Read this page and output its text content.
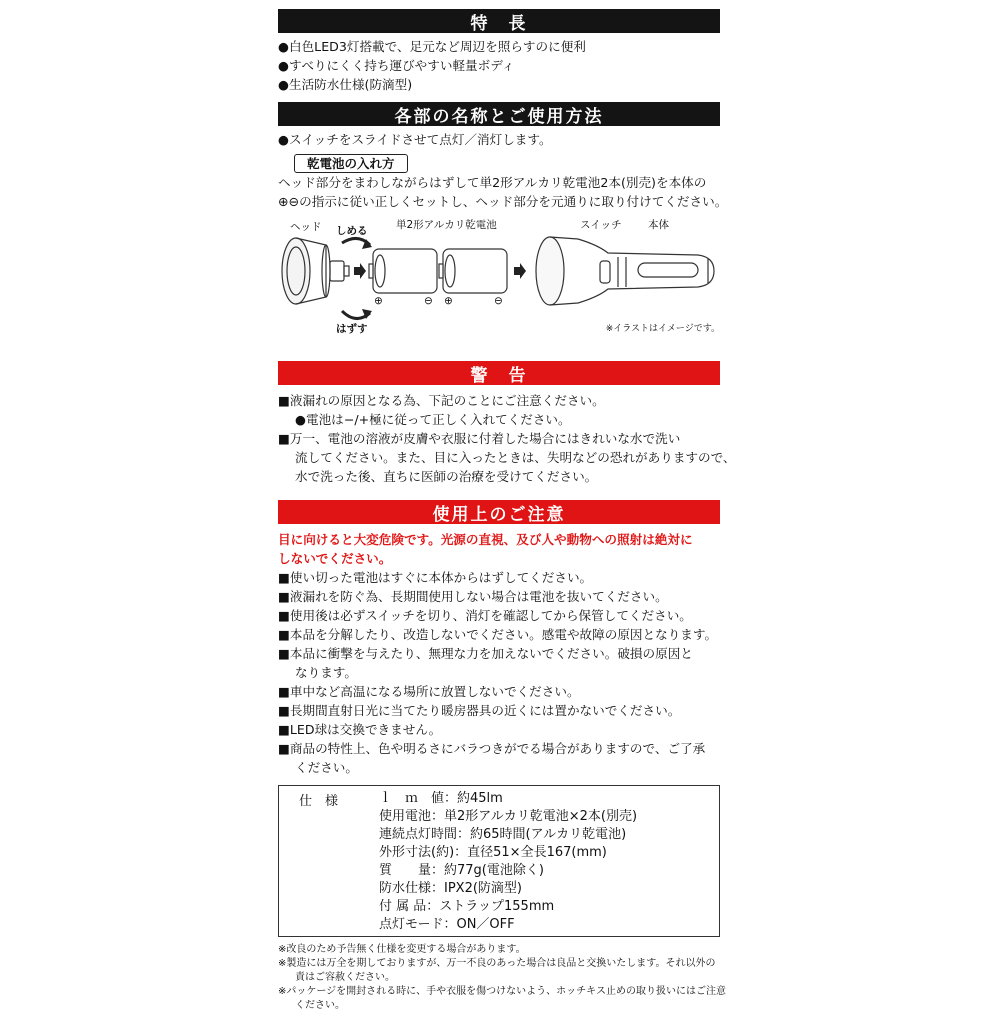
特　長
●白色LED3灯搭載で、足元など周辺を照らすのに便利
●すべりにくく持ち運びやすい軽量ボディ
●生活防水仕様(防滴型)
各部の名称とご使用方法
●スイッチをスライドさせて点灯／消灯します。
乾電池の入れ方
ヘッド部分をまわしながらはずして単2形アルカリ乾電池2本(別売)を本体の
⊕⊖の指示に従い正しくセットし、ヘッド部分を元通りに取り付けてください。
ヘッド しめる
はずす
単2形アルカリ乾電池	スイッチ	本体
⊕	⊖ ⊕	⊖
※イラストはイメージです。
警　告
■液漏れの原因となる為、下記のことにご注意ください。
●電池は−/+極に従って正しく入れてください。
■万一、電池の溶液が皮膚や衣服に付着した場合にはきれいな水で洗い
流してください。また、目に入ったときは、失明などの恐れがありますので、
水で洗った後、直ちに医師の治療を受けてください。
使用上のご注意
目に向けると大変危険です。光源の直視、及び人や動物への照射は絶対に
しないでください。
■使い切った電池はすぐに本体からはずしてください。
■液漏れを防ぐ為、長期間使用しない場合は電池を抜いてください。
■使用後は必ずスイッチを切り、消灯を確認してから保管してください。
■本品を分解したり、改造しないでください。感電や故障の原因となります。
■本品に衝撃を与えたり、無理な力を加えないでください。破損の原因と
なります。
■車中など高温になる場所に放置しないでください。
■長期間直射日光に当てたり暖房器具の近くには置かないでください。
■LED球は交換できません。
■商品の特性上、色や明るさにバラつきがでる場合がありますので、ご了承
ください。
仕　様	ｌ　ｍ　値：約45lm
使用電池：単2形アルカリ乾電池×2本(別売)
連続点灯時間：約65時間(アルカリ乾電池)
外形寸法(約)：直径51×全長167(mm)
質　　量：約77g(電池除く)
防水仕様：IPX2(防滴型)
付 属 品：ストラップ155mm
点灯モード：ON／OFF
※改良のため予告無く仕様を変更する場合があります。
※製造には万全を期しておりますが、万一不良のあった場合は良品と交換いたします。それ以外の
責はご容赦ください。
※パッケージを開封される時に、手や衣服を傷つけないよう、ホッチキス止めの取り扱いにはご注意
ください。
